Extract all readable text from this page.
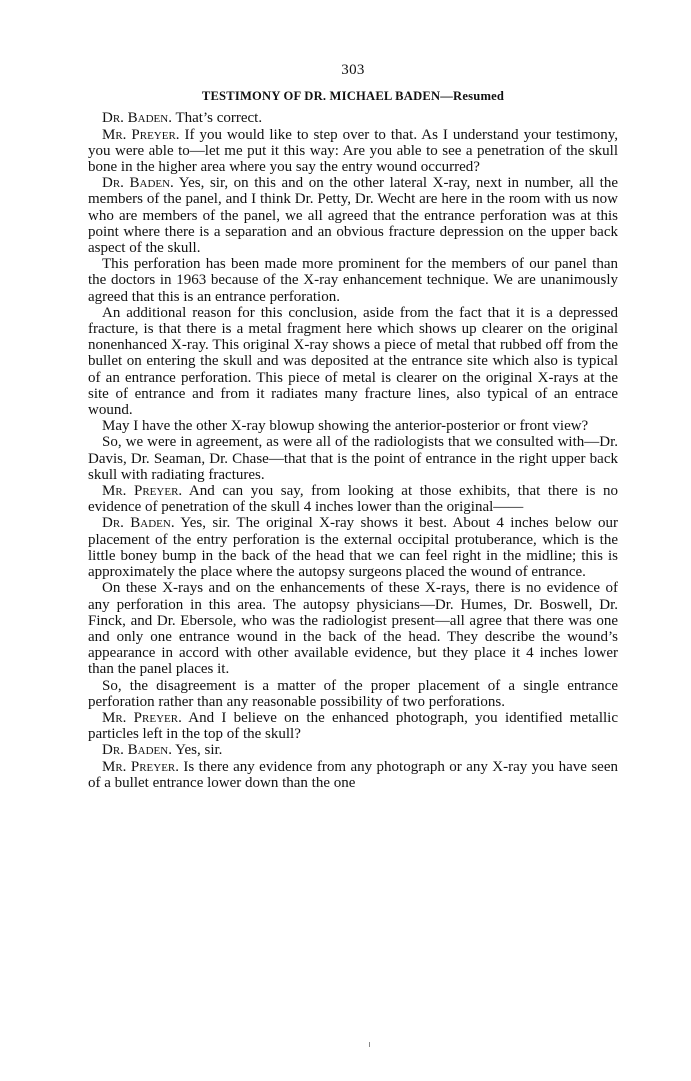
303
TESTIMONY OF DR. MICHAEL BADEN—Resumed

Dr. Baden. That’s correct.

Mr. Preyer. If you would like to step over to that. As I understand your testimony, you were able to—let me put it this way: Are you able to see a penetration of the skull bone in the higher area where you say the entry wound occurred?

Dr. Baden. Yes, sir, on this and on the other lateral X-ray, next in number, all the members of the panel, and I think Dr. Petty, Dr. Wecht are here in the room with us now who are members of the panel, we all agreed that the entrance perforation was at this point where there is a separation and an obvious fracture depression on the upper back aspect of the skull.

This perforation has been made more prominent for the members of our panel than the doctors in 1963 because of the X-ray enhancement technique. We are unanimously agreed that this is an entrance perforation.

An additional reason for this conclusion, aside from the fact that it is a depressed fracture, is that there is a metal fragment here which shows up clearer on the original nonenhanced X-ray. This original X-ray shows a piece of metal that rubbed off from the bullet on entering the skull and was deposited at the entrance site which also is typical of an entrance perforation. This piece of metal is clearer on the original X-rays at the site of entrance and from it radiates many fracture lines, also typical of an entrace wound.

May I have the other X-ray blowup showing the anterior-posterior or front view?

So, we were in agreement, as were all of the radiologists that we consulted with—Dr. Davis, Dr. Seaman, Dr. Chase—that that is the point of entrance in the right upper back skull with radiating fractures.

Mr. Preyer. And can you say, from looking at those exhibits, that there is no evidence of penetration of the skull 4 inches lower than the original——

Dr. Baden. Yes, sir. The original X-ray shows it best. About 4 inches below our placement of the entry perforation is the external occipital protuberance, which is the little boney bump in the back of the head that we can feel right in the midline; this is approximately the place where the autopsy surgeons placed the wound of entrance.

On these X-rays and on the enhancements of these X-rays, there is no evidence of any perforation in this area. The autopsy physicians—Dr. Humes, Dr. Boswell, Dr. Finck, and Dr. Ebersole, who was the radiologist present—all agree that there was one and only one entrance wound in the back of the head. They describe the wound’s appearance in accord with other available evidence, but they place it 4 inches lower than the panel places it.

So, the disagreement is a matter of the proper placement of a single entrance perforation rather than any reasonable possibility of two perforations.

Mr. Preyer. And I believe on the enhanced photograph, you identified metallic particles left in the top of the skull?

Dr. Baden. Yes, sir.

Mr. Preyer. Is there any evidence from any photograph or any X-ray you have seen of a bullet entrance lower down than the one
